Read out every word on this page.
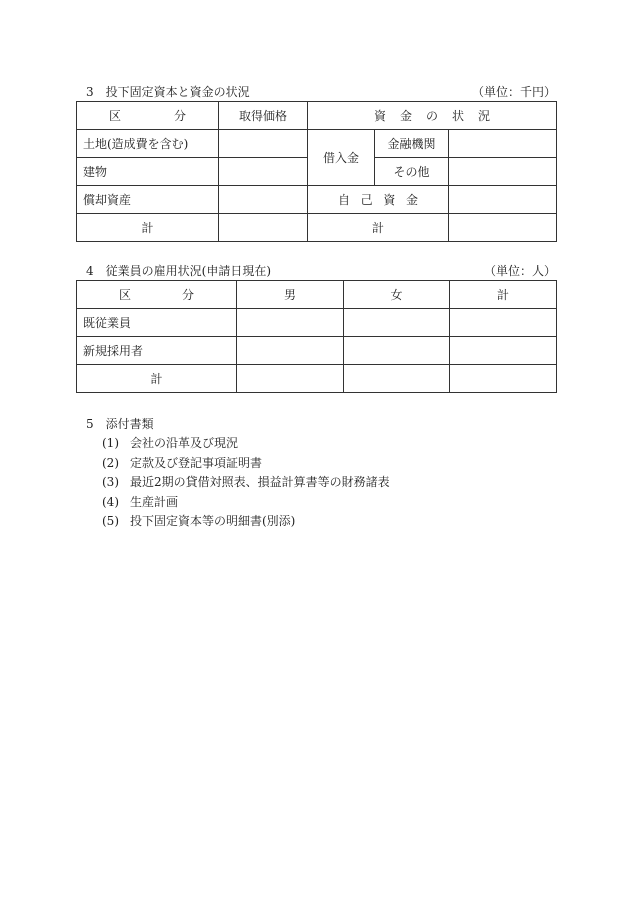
3　投下固定資本と資金の状況	（単位：千円）
区 分	取得価格	資 金 の 状 況		

土地(造成費を含む)		借入金	金融機関	
建物			その他	
償却資産		自 己 資 金		

計		計		
4　従業員の雇用状況(申請日現在)	（単位：人）
区 分	男	女	計
既従業員			
新規採用者			
計			
5　添付書類
(1) 会社の沿革及び現況
(2) 定款及び登記事項証明書
(3) 最近2期の貸借対照表、損益計算書等の財務諸表
(4) 生産計画
(5) 投下固定資本等の明細書(別添)
